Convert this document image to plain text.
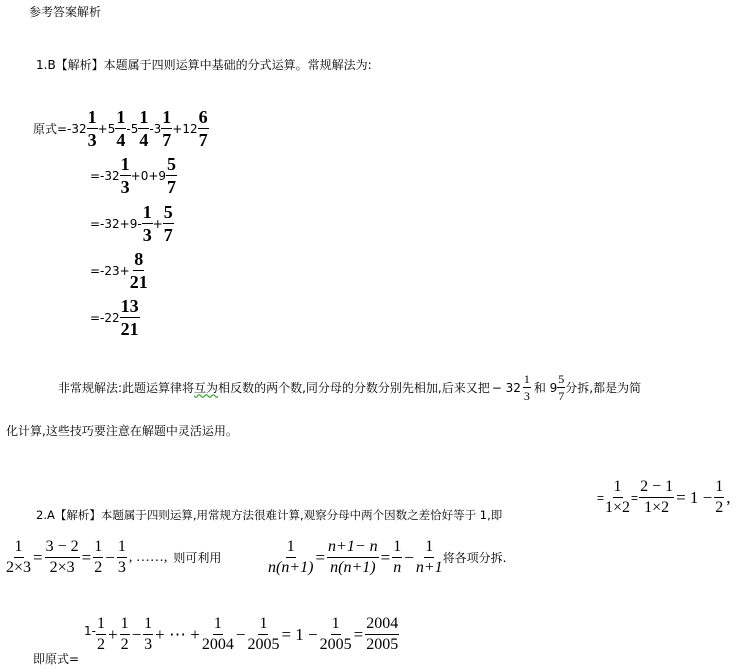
参考答案解析
1.B【解析】本题属于四则运算中基础的分式运算。常规解法为:
原式$=-32 \frac{1}{3} +5 \frac{1}{4} -5 \frac{1}{4} -3 \frac{1}{7} +12 \frac{6}{7}$
$=-32 \frac{1}{3} +0+9 \frac{5}{7}$
$=-32+9- \frac{1}{3} + \frac{5}{7}$
$=-23+ \frac{8}{21}$
$=-22 \frac{13}{21}$
非常规解法:此题运算律将 互为 相反数的两个数,同分母的分数分别先相加,后来又把 − $32 \frac{1}{3}$ 和 $9 \frac{5}{7}$ 分拆,都是为简
化计算,这些技巧要注意在解题中灵活运用。
2.A【解析】本题属于四则运算,用常规方法很难计算,观察分母中两个因数之差恰好等于 1,即
= $\frac{1}{1\times 2} = \frac{2 - 1}{1\times 2} = 1 - \frac{1}{2}$ ,
$\frac{1}{2\times 3} = \frac{3 - 2}{2\times 3} = \frac{1}{2} - \frac{1}{3}$ , ……, 则可利用	$\frac{1}{n(n+1)} = \frac{n+1- n}{n(n+1)} = \frac{1}{n} - \frac{1}{n+1}$ 将各项分拆.
即原式=
$1- \frac{1}{2} + \frac{1}{2} - \frac{1}{3}$ + ⋯ + $\frac{1}{2004} - \frac{1}{2005} = 1 - \frac{1}{2005} = \frac{2004}{2005}$
